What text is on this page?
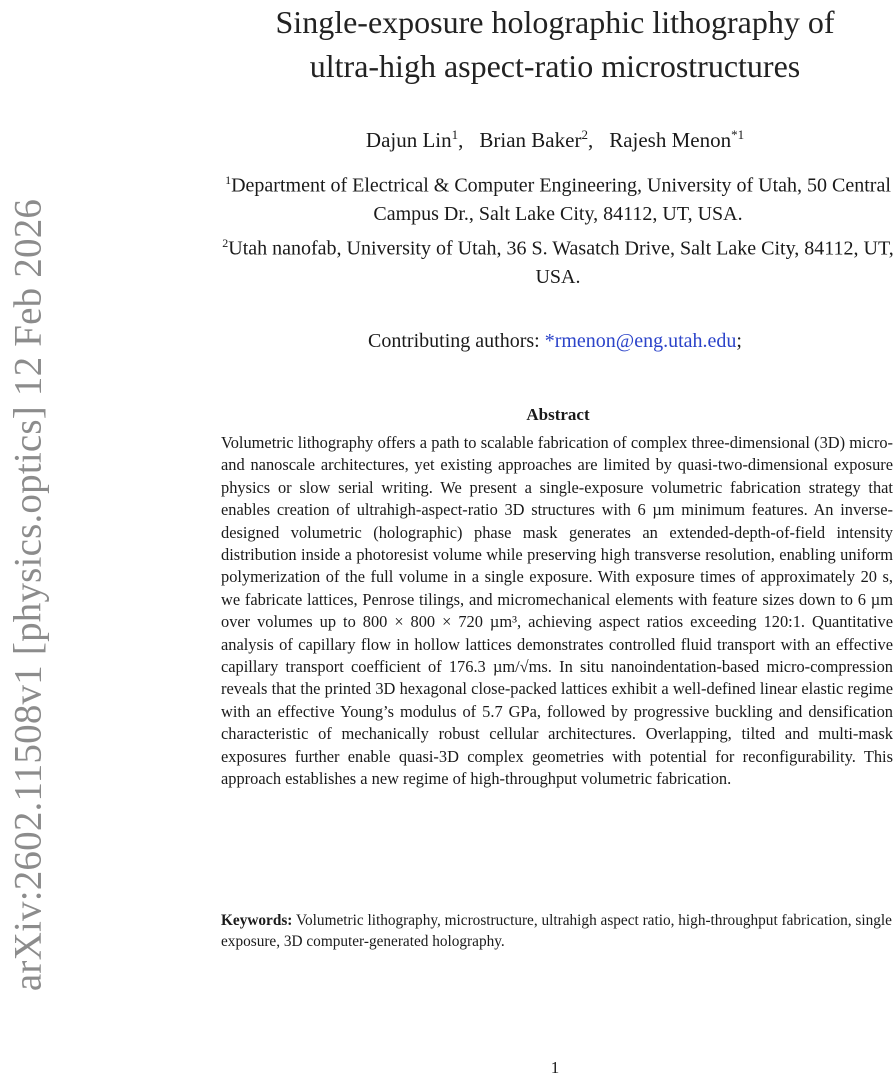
arXiv:2602.11508v1 [physics.optics] 12 Feb 2026
Single-exposure holographic lithography of
ultra-high aspect-ratio microstructures
Dajun Lin$^1$, Brian Baker$^2$, Rajesh Menon$^{*1}$
$^1$Department of Electrical & Computer Engineering, University of Utah, 50 Central Campus Dr., Salt Lake City, 84112, UT, USA.
$^2$Utah nanofab, University of Utah, 36 S. Wasatch Drive, Salt Lake City, 84112, UT, USA.
Contributing authors: *rmenon@eng.utah.edu;
Abstract
Volumetric lithography offers a path to scalable fabrication of complex three-dimensional (3D) micro- and nanoscale architectures, yet existing approaches are limited by quasi-two-dimensional exposure physics or slow serial writing. We present a single-exposure volumetric fabrication strategy that enables creation of ultrahigh-aspect-ratio 3D structures with 6 µm minimum features. An inverse-designed volumetric (holographic) phase mask generates an extended-depth-of-field intensity distribution inside a photoresist volume while preserving high transverse resolution, enabling uniform polymerization of the full volume in a single exposure. With exposure times of approximately 20 s, we fabricate lattices, Penrose tilings, and micromechanical elements with feature sizes down to 6 µm over volumes up to 800 × 800 × 720 µm³, achieving aspect ratios exceeding 120:1. Quantitative analysis of capillary flow in hollow lattices demonstrates controlled fluid transport with an effective capillary transport coefficient of 176.3 µm/√ms. In situ nanoindentation-based micro-compression reveals that the printed 3D hexagonal close-packed lattices exhibit a well-defined linear elastic regime with an effective Young’s modulus of 5.7 GPa, followed by progressive buckling and densification characteristic of mechanically robust cellular architectures. Overlapping, tilted and multi-mask exposures further enable quasi-3D complex geometries with potential for reconfigurability. This approach establishes a new regime of high-throughput volumetric fabrication.
Keywords: Volumetric lithography, microstructure, ultrahigh aspect ratio, high-throughput fabrication, single exposure, 3D computer-generated holography.
1
